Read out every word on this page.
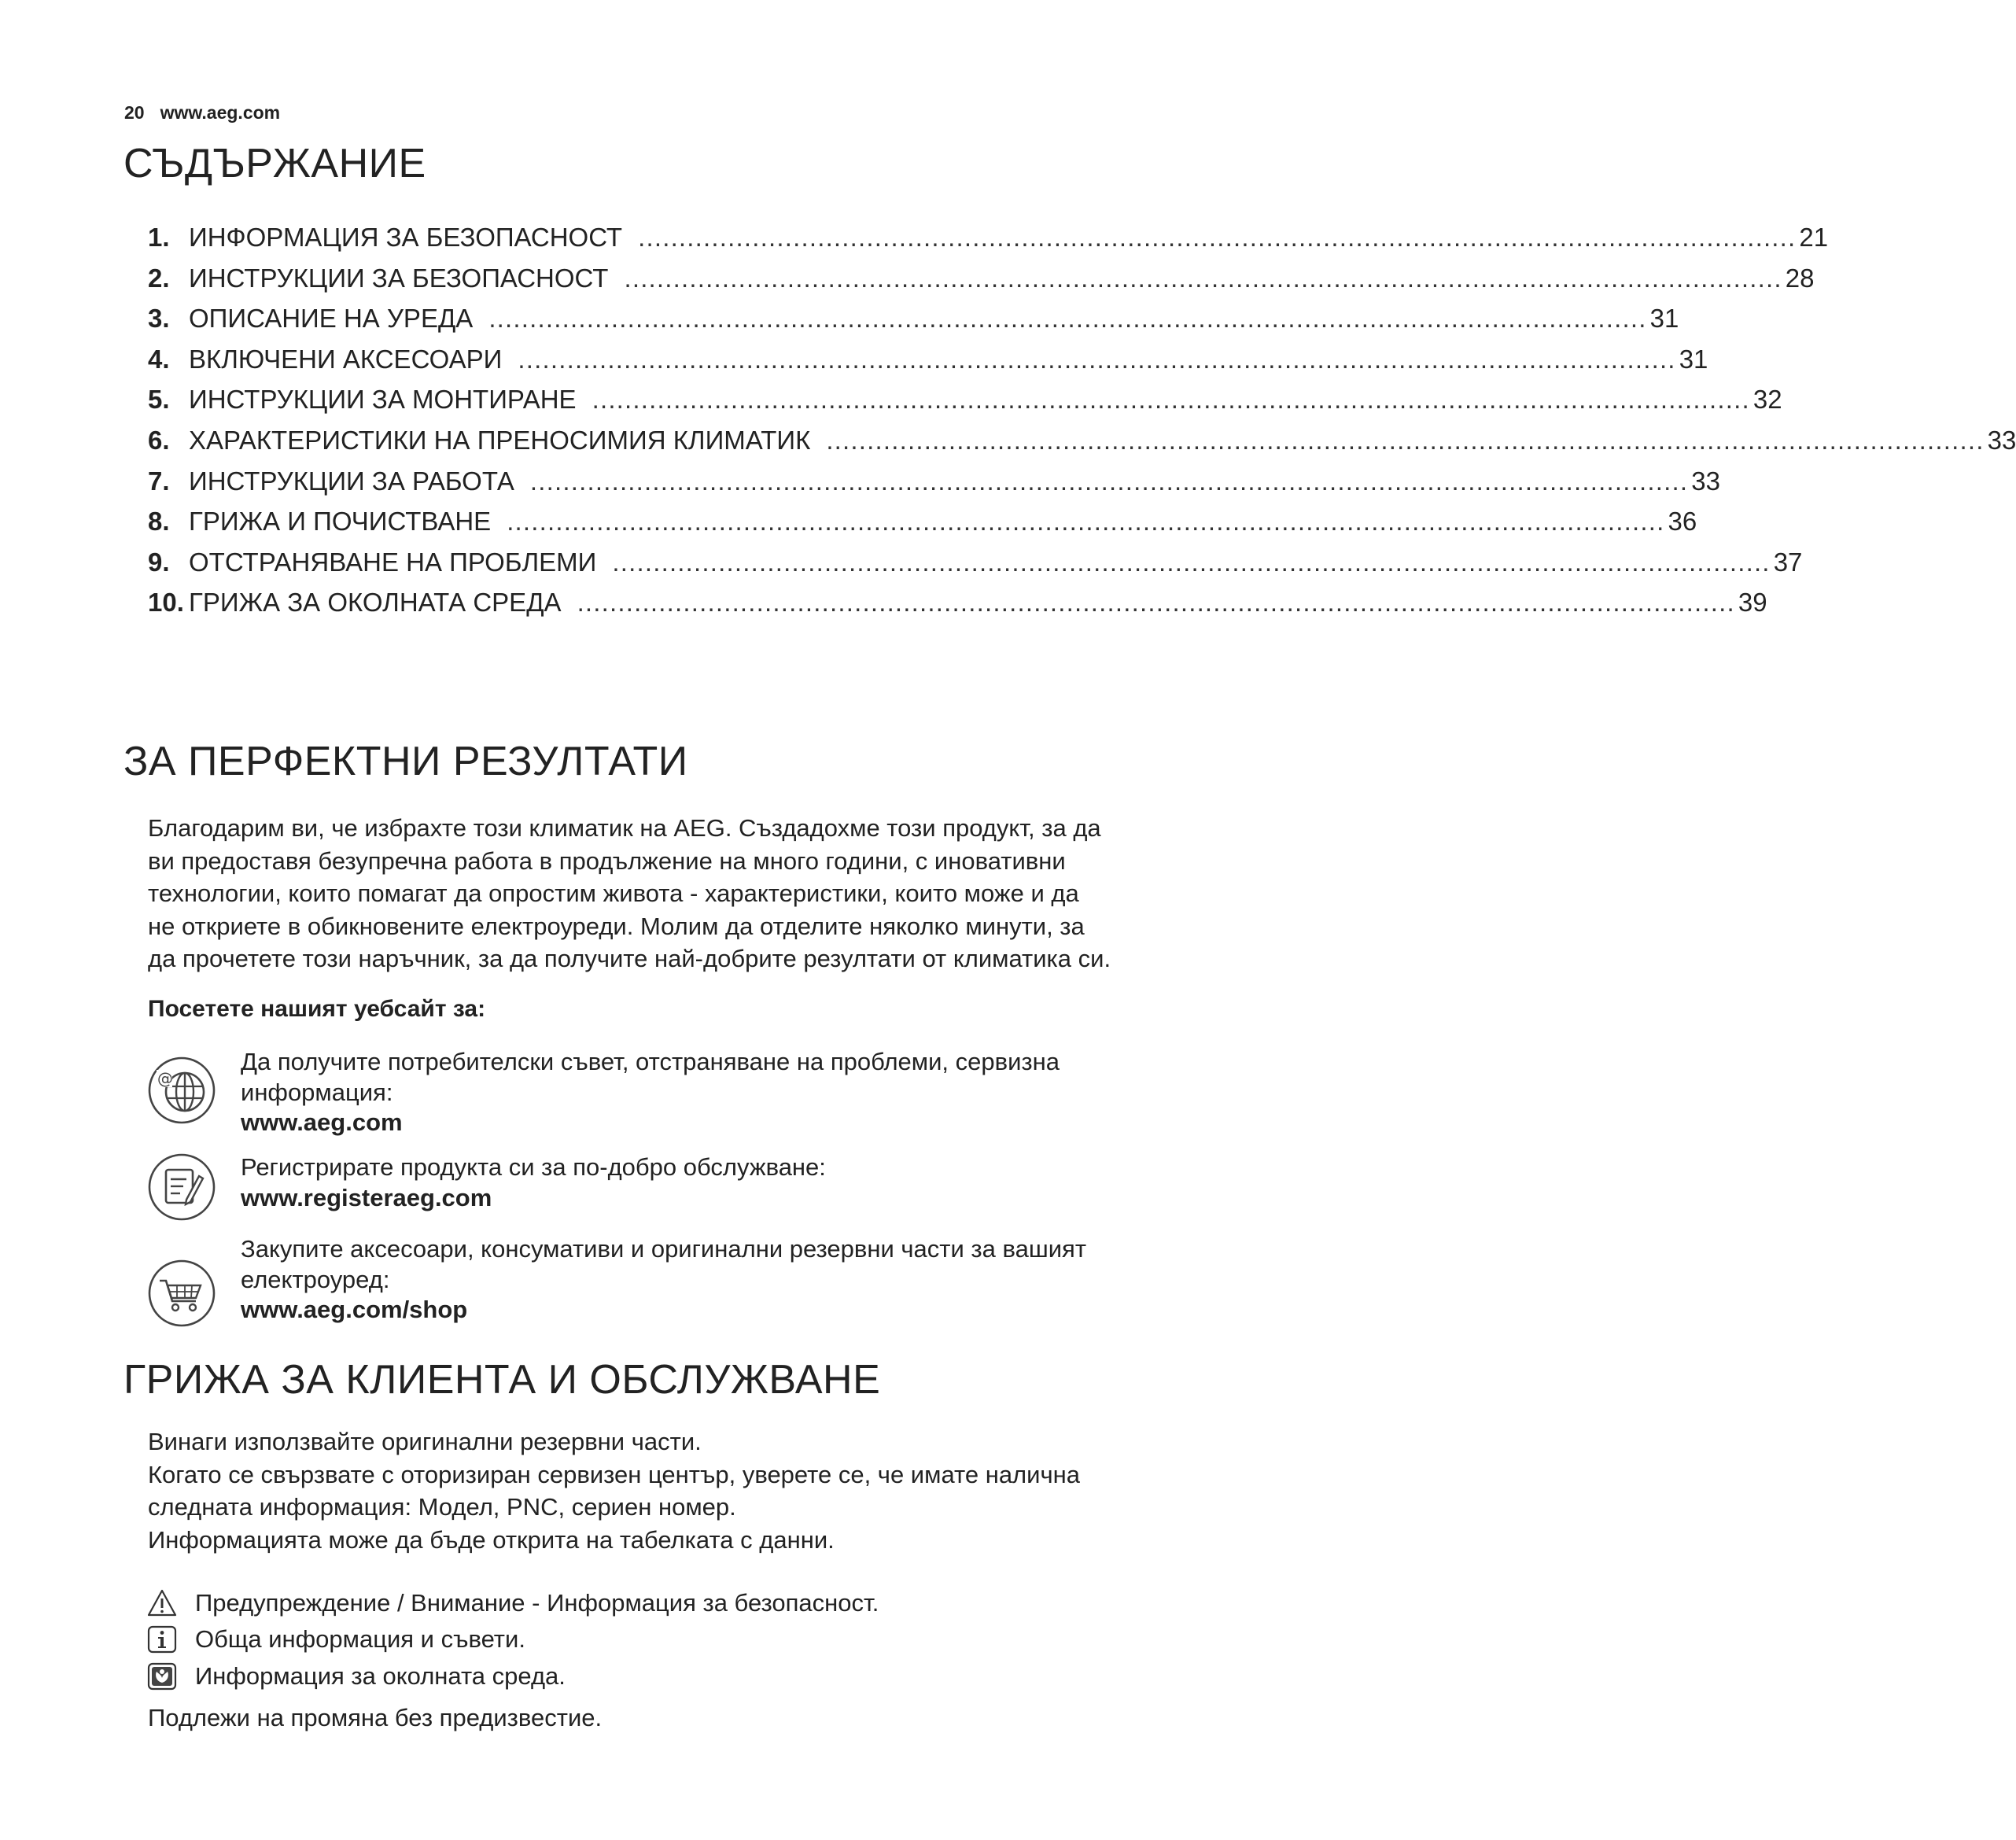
20 www.aeg.com
СЪДЪРЖАНИЕ
1. ИНФОРМАЦИЯ ЗА БЕЗОПАСНОСТ .............................................................................................................................................. 21
2. ИНСТРУКЦИИ ЗА БЕЗОПАСНОСТ .............................................................................................................................................. 28
3. ОПИСАНИЕ НА УРЕДА .............................................................................................................................................. 31
4. ВКЛЮЧЕНИ АКСЕСОАРИ .............................................................................................................................................. 31
5. ИНСТРУКЦИИ ЗА МОНТИРАНЕ .............................................................................................................................................. 32
6. ХАРАКТЕРИСТИКИ НА ПРЕНОСИМИЯ КЛИМАТИК .............................................................................................................................................. 33
7. ИНСТРУКЦИИ ЗА РАБОТА .............................................................................................................................................. 33
8. ГРИЖА И ПОЧИСТВАНЕ .............................................................................................................................................. 36
9. ОТСТРАНЯВАНЕ НА ПРОБЛЕМИ .............................................................................................................................................. 37
10. ГРИЖА ЗА ОКОЛНАТА СРЕДА .............................................................................................................................................. 39
ЗА ПЕРФЕКТНИ РЕЗУЛТАТИ
Благодарим ви, че избрахте този климатик на AEG. Създадохме този продукт, за да
ви предоставя безупречна работа в продължение на много години, с иновативни
технологии, които помагат да опростим живота - характеристики, които може и да
не откриете в обикновените електроуреди. Молим да отделите няколко минути, за
да прочетете този наръчник, за да получите най-добрите резултати от климатика си.
Посетете нашият уебсайт за:
@
Да получите потребителски съвет, отстраняване на проблеми, сервизна
информация:
www.aeg.com
Регистрирате продукта си за по-добро обслужване:
www.registeraeg.com
Закупите аксесоари, консумативи и оригинални резервни части за вашият
електроуред:
www.aeg.com/shop
ГРИЖА ЗА КЛИЕНТА И ОБСЛУЖВАНЕ
Винаги използвайте оригинални резервни части.
Когато се свързвате с оторизиран сервизен център, уверете се, че имате налична
следната информация: Модел, PNC, сериен номер.
Информацията може да бъде открита на табелката с данни.
Предупреждение / Внимание - Информация за безопасност.
Обща информация и съвети.
Информация за околната среда.
Подлежи на промяна без предизвестие.
